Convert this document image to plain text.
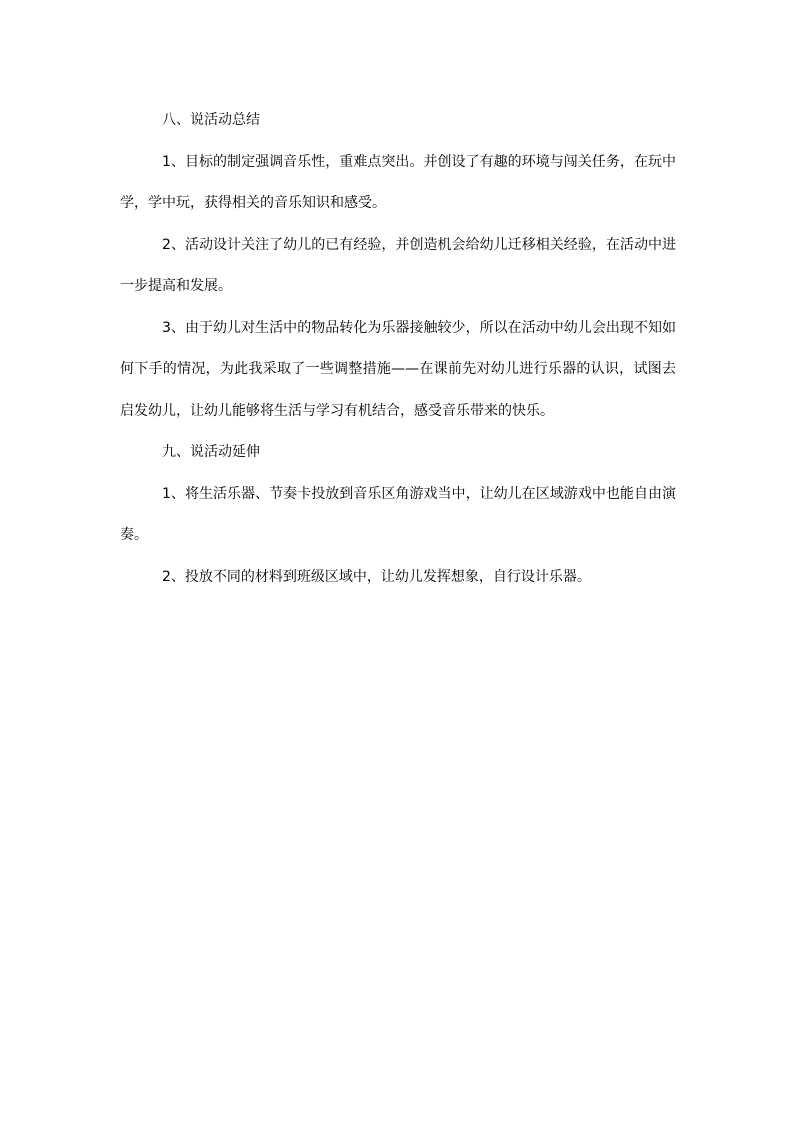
八、说活动总结

1、目标的制定强调音乐性，重难点突出。并创设了有趣的环境与闯关任务，在玩中学，学中玩，获得相关的音乐知识和感受。

2、活动设计关注了幼儿的已有经验，并创造机会给幼儿迁移相关经验，在活动中进一步提高和发展。

3、由于幼儿对生活中的物品转化为乐器接触较少，所以在活动中幼儿会出现不知如何下手的情况，为此我采取了一些调整措施——在课前先对幼儿进行乐器的认识，试图去启发幼儿，让幼儿能够将生活与学习有机结合，感受音乐带来的快乐。

九、说活动延伸

1、将生活乐器、节奏卡投放到音乐区角游戏当中，让幼儿在区域游戏中也能自由演奏。

2、投放不同的材料到班级区域中，让幼儿发挥想象，自行设计乐器。
